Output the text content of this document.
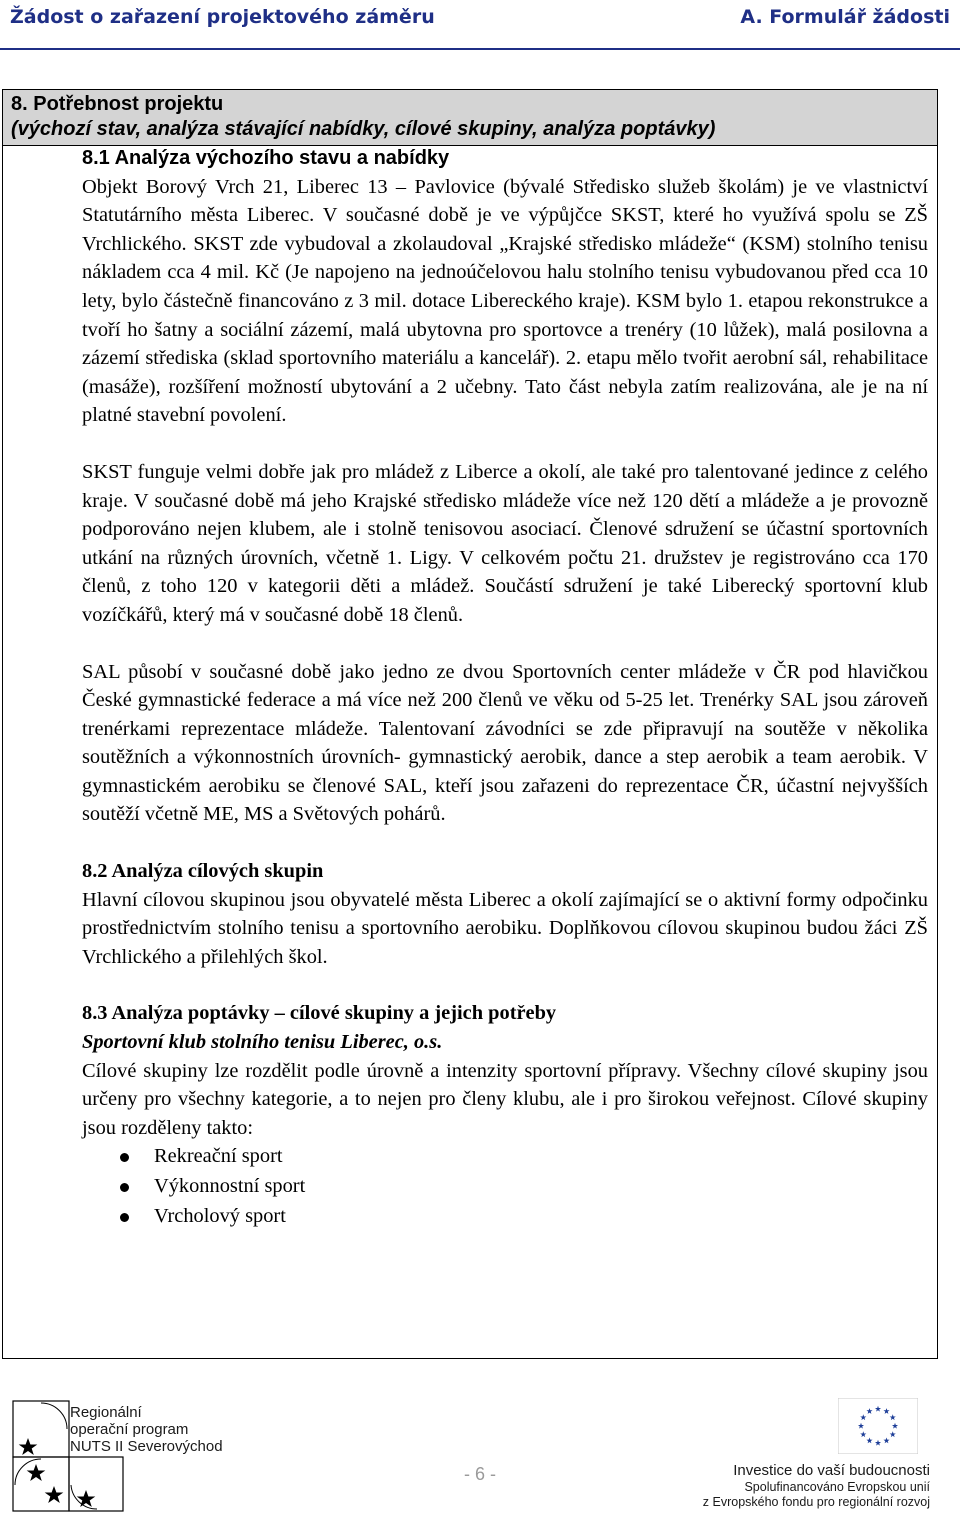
Žádost o zařazení projektového záměru	A. Formulář žádosti
8. Potřebnost projektu
(výchozí stav, analýza stávající nabídky, cílové skupiny, analýza poptávky)
8.1 Analýza výchozího stavu a nabídky

Objekt Borový Vrch 21, Liberec 13 – Pavlovice (bývalé Středisko služeb školám) je ve vlastnictví Statutárního města Liberec. V současné době je ve výpůjčce SKST, které ho využívá spolu se ZŠ Vrchlického. SKST zde vybudoval a zkolaudoval „Krajské středisko mládeže“ (KSM) stolního tenisu nákladem cca 4 mil. Kč (Je napojeno na jednoúčelovou halu stolního tenisu vybudovanou před cca 10 lety, bylo částečně financováno z 3 mil. dotace Libereckého kraje). KSM bylo 1. etapou rekonstrukce a tvoří ho šatny a sociální zázemí, malá ubytovna pro sportovce a trenéry (10 lůžek), malá posilovna a zázemí střediska (sklad sportovního materiálu a kancelář). 2. etapu mělo tvořit aerobní sál, rehabilitace (masáže), rozšíření možností ubytování a 2 učebny. Tato část nebyla zatím realizována, ale je na ní platné stavební povolení.

SKST funguje velmi dobře jak pro mládež z Liberce a okolí, ale také pro talentované jedince z celého kraje. V současné době má jeho Krajské středisko mládeže více než 120 dětí a mládeže a je provozně podporováno nejen klubem, ale i stolně tenisovou asociací. Členové sdružení se účastní sportovních utkání na různých úrovních, včetně 1. Ligy. V celkovém počtu 21. družstev je registrováno cca 170 členů, z toho 120 v kategorii děti a mládež. Součástí sdružení je také Liberecký sportovní klub vozíčkářů, který má v současné době 18 členů.

SAL působí v současné době jako jedno ze dvou Sportovních center mládeže v ČR pod hlavičkou České gymnastické federace a má více než 200 členů ve věku od 5-25 let. Trenérky SAL jsou zároveň trenérkami reprezentace mládeže. Talentovaní závodníci se zde připravují na soutěže v několika soutěžních a výkonnostních úrovních- gymnastický aerobik, dance a step aerobik a team aerobik. V gymnastickém aerobiku se členové SAL, kteří jsou zařazeni do reprezentace ČR, účastní nejvyšších soutěží včetně ME, MS a Světových pohárů.

8.2 Analýza cílových skupin

Hlavní cílovou skupinou jsou obyvatelé města Liberec a okolí zajímající se o aktivní formy odpočinku prostřednictvím stolního tenisu a sportovního aerobiku. Doplňkovou cílovou skupinou budou žáci ZŠ Vrchlického a přilehlých škol.

8.3 Analýza poptávky – cílové skupiny a jejich potřeby
Sportovní klub stolního tenisu Liberec, o.s.

Cílové skupiny lze rozdělit podle úrovně a intenzity sportovní přípravy. Všechny cílové skupiny jsou určeny pro všechny kategorie, a to nejen pro členy klubu, ale i pro širokou veřejnost. Cílové skupiny jsou rozděleny takto:

Rekreační sport
Výkonnostní sport
Vrcholový sport
Regionální
operační program
NUTS II Severovýchod
- 6 -	Investice do vaší budoucnosti
Spolufinancováno Evropskou unií
z Evropského fondu pro regionální rozvoj
